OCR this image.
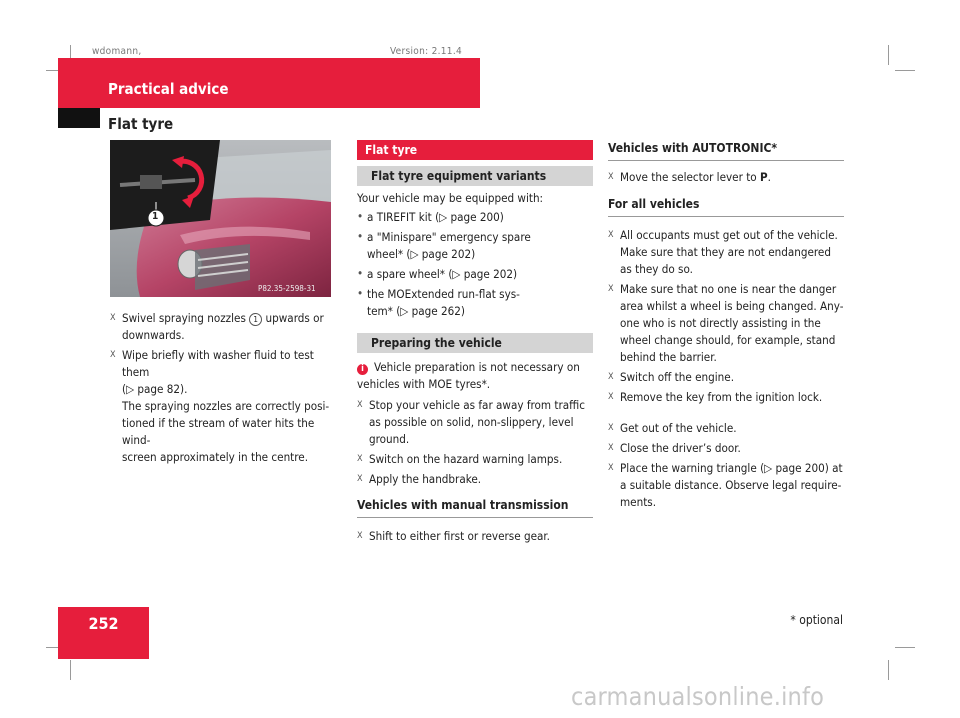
wdomann,	Version: 2.11.4
Practical advice
Flat tyre
1
P82.35-2598-31
X Swivel spraying nozzles 1 upwards or downwards.
X Wipe briefly with washer fluid to test them

(▷ page 82).

The spraying nozzles are correctly posi-

tioned if the stream of water hits the wind-

screen approximately in the centre.

Flat tyre
Flat tyre equipment variants

Your vehicle may be equipped with:

• a TIREFIT kit (▷ page 200)
• a "Minispare" emergency spare wheel* (▷ page 202)
• a spare wheel* (▷ page 202)
• the MOExtended run-flat sys- tem* (▷ page 262)
Preparing the vehicle
i Vehicle preparation is not necessary on vehicles with MOE tyres*.
X Stop your vehicle as far away from traffic as possible on solid, non-slippery, level ground.
X Switch on the hazard warning lamps.
X Apply the handbrake.
Vehicles with manual transmission
X Shift to either first or reverse gear.
Vehicles with AUTOTRONIC*
X Move the selector lever to P.
For all vehicles
X All occupants must get out of the vehicle. Make sure that they are not endangered as they do so.
X Make sure that no one is near the danger area whilst a wheel is being changed. Any- one who is not directly assisting in the wheel change should, for example, stand behind the barrier.
X Switch off the engine.
X Remove the key from the ignition lock.
X Get out of the vehicle.
X Close the driver’s door.
X Place the warning triangle (▷ page 200) at a suitable distance. Observe legal require- ments.
252	* optional
carmanualsonline.info
